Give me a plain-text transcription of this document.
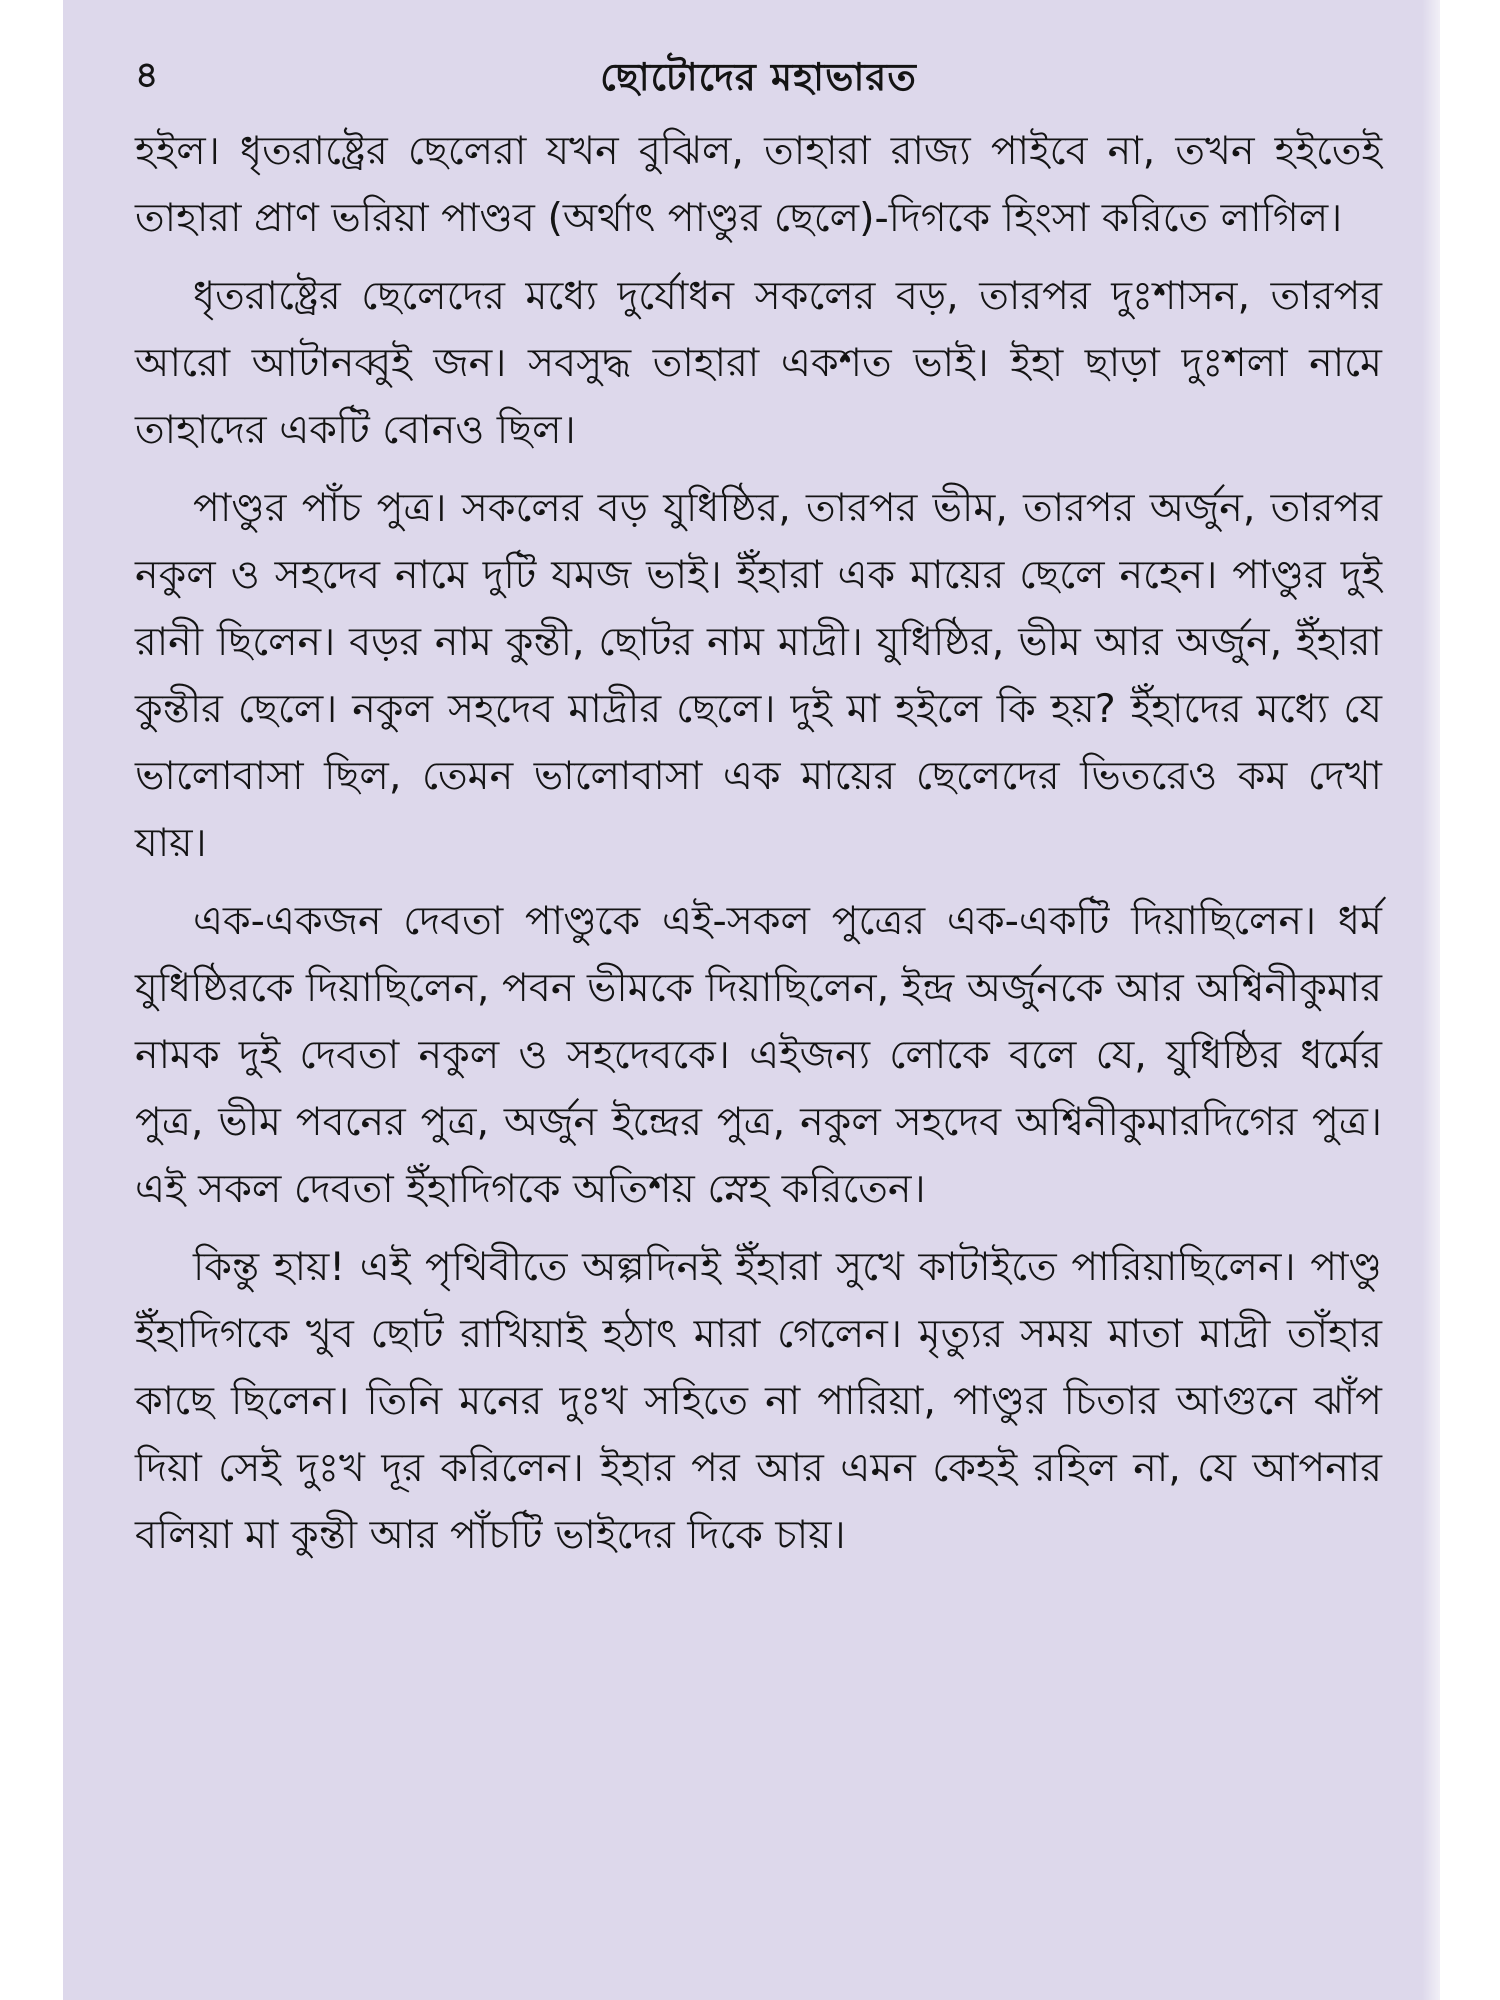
৪	ছোটোদের মহাভারত

হইল। ধৃতরাষ্ট্রের ছেলেরা যখন বুঝিল, তাহারা রাজ্য পাইবে না, তখন হইতেই তাহারা প্রাণ ভরিয়া পাণ্ডব (অর্থাৎ পাণ্ডুর ছেলে)-দিগকে হিংসা করিতে লাগিল।

ধৃতরাষ্ট্রের ছেলেদের মধ্যে দুর্যোধন সকলের বড়, তারপর দুঃশাসন, তারপর আরো আটানব্বুই জন। সবসুদ্ধ তাহারা একশত ভাই। ইহা ছাড়া দুঃশলা নামে তাহাদের একটি বোনও ছিল।

পাণ্ডুর পাঁচ পুত্র। সকলের বড় যুধিষ্ঠির, তারপর ভীম, তারপর অর্জুন, তারপর নকুল ও সহদেব নামে দুটি যমজ ভাই। ইঁহারা এক মায়ের ছেলে নহেন। পাণ্ডুর দুই রানী ছিলেন। বড়র নাম কুন্তী, ছোটর নাম মাদ্রী। যুধিষ্ঠির, ভীম আর অর্জুন, ইঁহারা কুন্তীর ছেলে। নকুল সহদেব মাদ্রীর ছেলে। দুই মা হইলে কি হয়? ইঁহাদের মধ্যে যে ভালোবাসা ছিল, তেমন ভালোবাসা এক মায়ের ছেলেদের ভিতরেও কম দেখা যায়।

এক-একজন দেবতা পাণ্ডুকে এই-সকল পুত্রের এক-একটি দিয়াছিলেন। ধর্ম যুধিষ্ঠিরকে দিয়াছিলেন, পবন ভীমকে দিয়াছিলেন, ইন্দ্র অর্জুনকে আর অশ্বিনীকুমার নামক দুই দেবতা নকুল ও সহদেবকে। এইজন্য লোকে বলে যে, যুধিষ্ঠির ধর্মের পুত্র, ভীম পবনের পুত্র, অর্জুন ইন্দ্রের পুত্র, নকুল সহদেব অশ্বিনীকুমারদিগের পুত্র। এই সকল দেবতা ইঁহাদিগকে অতিশয় স্নেহ করিতেন।

কিন্তু হায়! এই পৃথিবীতে অল্পদিনই ইঁহারা সুখে কাটাইতে পারিয়াছিলেন। পাণ্ডু ইঁহাদিগকে খুব ছোট রাখিয়াই হঠাৎ মারা গেলেন। মৃত্যুর সময় মাতা মাদ্রী তাঁহার কাছে ছিলেন। তিনি মনের দুঃখ সহিতে না পারিয়া, পাণ্ডুর চিতার আগুনে ঝাঁপ দিয়া সেই দুঃখ দূর করিলেন। ইহার পর আর এমন কেহই রহিল না, যে আপনার বলিয়া মা কুন্তী আর পাঁচটি ভাইদের দিকে চায়।
